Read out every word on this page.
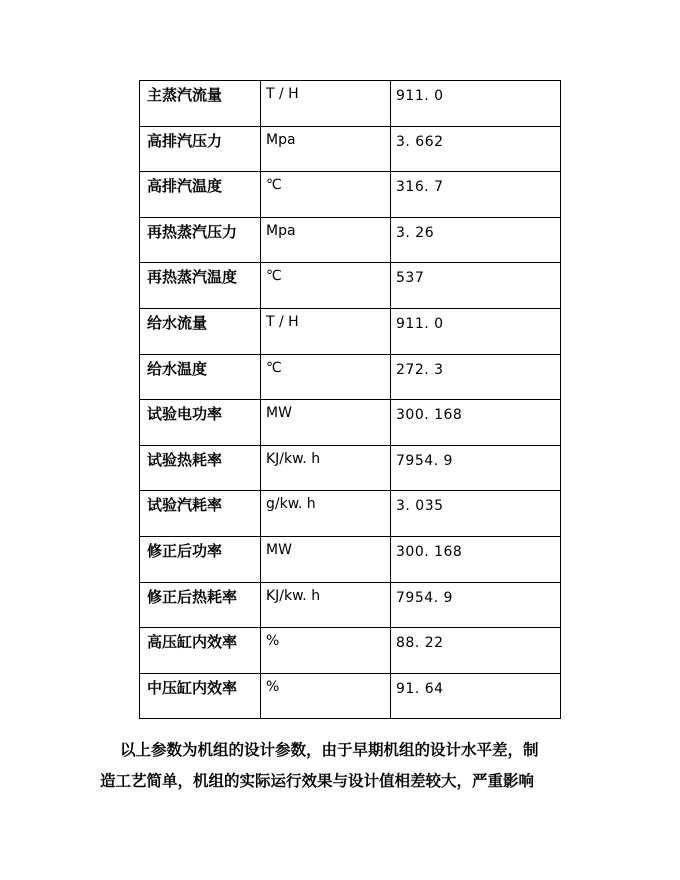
主蒸汽流量	T / H	911. 0

高排汽压力	Mpa	3. 662

高排汽温度	℃	316. 7

再热蒸汽压力	Mpa	3. 26

再热蒸汽温度	℃	537

给水流量	T / H	911. 0

给水温度	℃	272. 3

试验电功率	MW	300. 168

试验热耗率	KJ/kw. h	7954. 9

试验汽耗率	g/kw. h	3. 035

修正后功率	MW	300. 168

修正后热耗率	KJ/kw. h	7954. 9

高压缸内效率	%	88. 22

中压缸内效率	%	91. 64
以上参数为机组的设计参数，由于早期机组的设计水平差，制
造工艺简单，机组的实际运行效果与设计值相差较大，严重影响
